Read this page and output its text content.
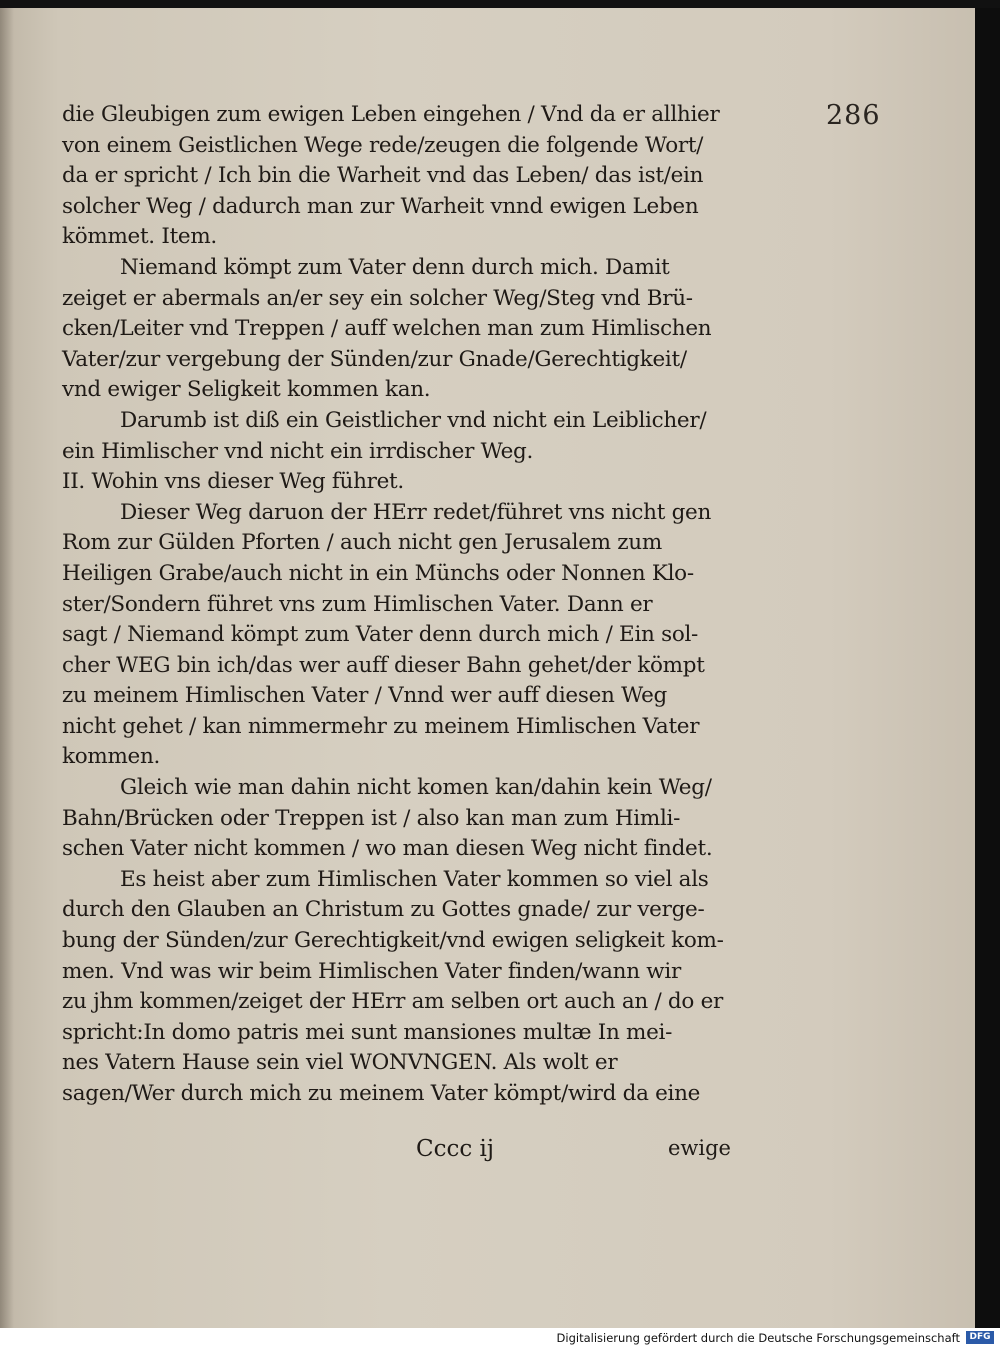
286
die Gleubigen zum ewigen Leben eingehen / Vnd da er allhier
von einem Geistlichen Wege rede/zeugen die folgende Wort/
da er spricht / Ich bin die Warheit vnd das Leben/ das ist/ein
solcher Weg / dadurch man zur Warheit vnnd ewigen Leben
kömmet. Item.
Niemand kömpt zum Vater denn durch mich. Damit
zeiget er abermals an/er sey ein solcher Weg/Steg vnd Brü-
cken/Leiter vnd Treppen / auff welchen man zum Himlischen
Vater/zur vergebung der Sünden/zur Gnade/Gerechtigkeit/
vnd ewiger Seligkeit kommen kan.
Darumb ist diß ein Geistlicher vnd nicht ein Leiblicher/
ein Himlischer vnd nicht ein irrdischer Weg.
II. Wohin vns dieser Weg führet.
Dieser Weg daruon der HErr redet/führet vns nicht gen
Rom zur Gülden Pforten / auch nicht gen Jerusalem zum
Heiligen Grabe/auch nicht in ein Münchs oder Nonnen Klo-
ster/Sondern führet vns zum Himlischen Vater. Dann er
sagt / Niemand kömpt zum Vater denn durch mich / Ein sol-
cher WEG bin ich/das wer auff dieser Bahn gehet/der kömpt
zu meinem Himlischen Vater / Vnnd wer auff diesen Weg
nicht gehet / kan nimmermehr zu meinem Himlischen Vater
kommen.
Gleich wie man dahin nicht komen kan/dahin kein Weg/
Bahn/Brücken oder Treppen ist / also kan man zum Himli-
schen Vater nicht kommen / wo man diesen Weg nicht findet.
Es heist aber zum Himlischen Vater kommen so viel als
durch den Glauben an Christum zu Gottes gnade/ zur verge-
bung der Sünden/zur Gerechtigkeit/vnd ewigen seligkeit kom-
men. Vnd was wir beim Himlischen Vater finden/wann wir
zu jhm kommen/zeiget der HErr am selben ort auch an / do er
spricht:In domo patris mei sunt mansiones multæ In mei-
nes Vatern Hause sein viel WONVNGEN. Als wolt er
sagen/Wer durch mich zu meinem Vater kömpt/wird da eine
Cccc ij	ewige
Digitalisierung gefördert durch die Deutsche Forschungsgemeinschaft	DFG
